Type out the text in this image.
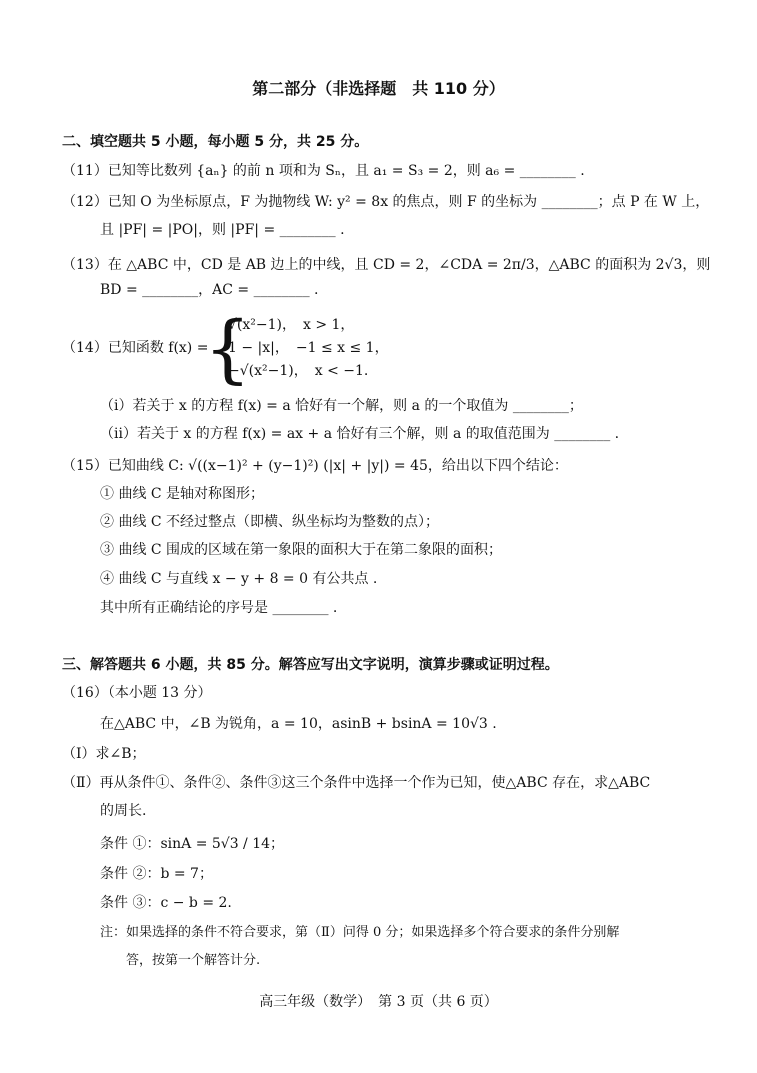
第二部分（非选择题　共 110 分）
二、填空题共 5 小题，每小题 5 分，共 25 分。
（11）已知等比数列 {aₙ} 的前 n 项和为 Sₙ，且 a₁ = S₃ = 2，则 a₆ = ________ .
（12）已知 O 为坐标原点，F 为抛物线 W: y² = 8x 的焦点，则 F 的坐标为 ________；点 P 在 W 上，
且 |PF| = |PO|，则 |PF| = ________ .
（13）在 △ABC 中，CD 是 AB 边上的中线，且 CD = 2，∠CDA = 2π/3，△ABC 的面积为 2√3，则
BD = ________，AC = ________ .
（14）已知函数 f(x) =
{
√(x²−1)，　x > 1，
1 − |x|，　−1 ≤ x ≤ 1，
−√(x²−1)，　x < −1.
（ⅰ）若关于 x 的方程 f(x) = a 恰好有一个解，则 a 的一个取值为 ________；
（ⅱ）若关于 x 的方程 f(x) = ax + a 恰好有三个解，则 a 的取值范围为 ________ .
（15）已知曲线 C: √((x−1)² + (y−1)²) (|x| + |y|) = 45，给出以下四个结论：
① 曲线 C 是轴对称图形；
② 曲线 C 不经过整点（即横、纵坐标均为整数的点）；
③ 曲线 C 围成的区域在第一象限的面积大于在第二象限的面积；
④ 曲线 C 与直线 x − y + 8 = 0 有公共点 .
其中所有正确结论的序号是 ________ .
三、解答题共 6 小题，共 85 分。解答应写出文字说明，演算步骤或证明过程。
（16）（本小题 13 分）
在△ABC 中，∠B 为锐角，a = 10，asinB + bsinA = 10√3 .
（Ⅰ）求∠B；
（Ⅱ）再从条件①、条件②、条件③这三个条件中选择一个作为已知，使△ABC 存在，求△ABC
的周长.
条件 ①：sinA = 5√3 / 14；
条件 ②：b = 7；
条件 ③：c − b = 2.
注：如果选择的条件不符合要求，第（Ⅱ）问得 0 分；如果选择多个符合要求的条件分别解
答，按第一个解答计分.
高三年级（数学）　第 3 页（共 6 页）
